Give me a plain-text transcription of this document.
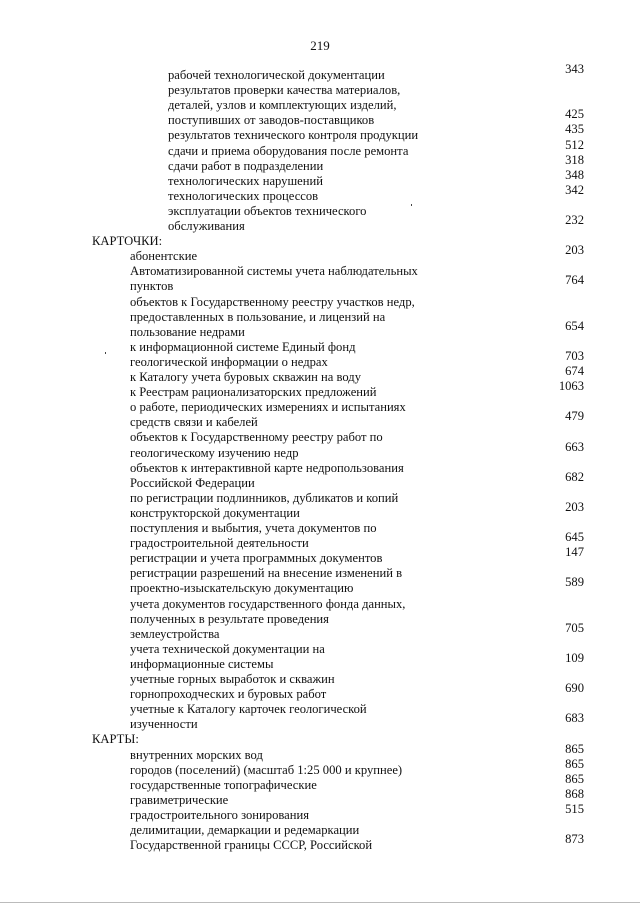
219
рабочей технологической документации	343
результатов проверки качества материалов,
деталей, узлов и комплектующих изделий,
поступивших от заводов-поставщиков	425
результатов технического контроля продукции	435
сдачи и приема оборудования после ремонта	512
сдачи работ в подразделении	318
технологических нарушений	348
технологических процессов	342
эксплуатации объектов технического
обслуживания	232
КАРТОЧКИ:
абонентские	203
Автоматизированной системы учета наблюдательных
пунктов	764
объектов к Государственному реестру участков недр,
предоставленных в пользование, и лицензий на
пользование недрами	654
к информационной системе Единый фонд
геологической информации о недрах	703
к Каталогу учета буровых скважин на воду	674
к Реестрам рационализаторских предложений	1063
о работе, периодических измерениях и испытаниях
средств связи и кабелей	479
объектов к Государственному реестру работ по
геологическому изучению недр	663
объектов к интерактивной карте недропользования
Российской Федерации	682
по регистрации подлинников, дубликатов и копий
конструкторской документации	203
поступления и выбытия, учета документов по
градостроительной деятельности	645
регистрации и учета программных документов	147
регистрации разрешений на внесение изменений в
проектно-изыскательскую документацию	589
учета документов государственного фонда данных,
полученных в результате проведения
землеустройства	705
учета технической документации на
информационные системы	109
учетные горных выработок и скважин
горнопроходческих и буровых работ	690
учетные к Каталогу карточек геологической
изученности	683
КАРТЫ:
внутренних морских вод	865
городов (поселений) (масштаб 1:25 000 и крупнее)	865
государственные топографические	865
гравиметрические	868
градостроительного зонирования	515
делимитации, демаркации и редемаркации
Государственной границы СССР, Российской	873
